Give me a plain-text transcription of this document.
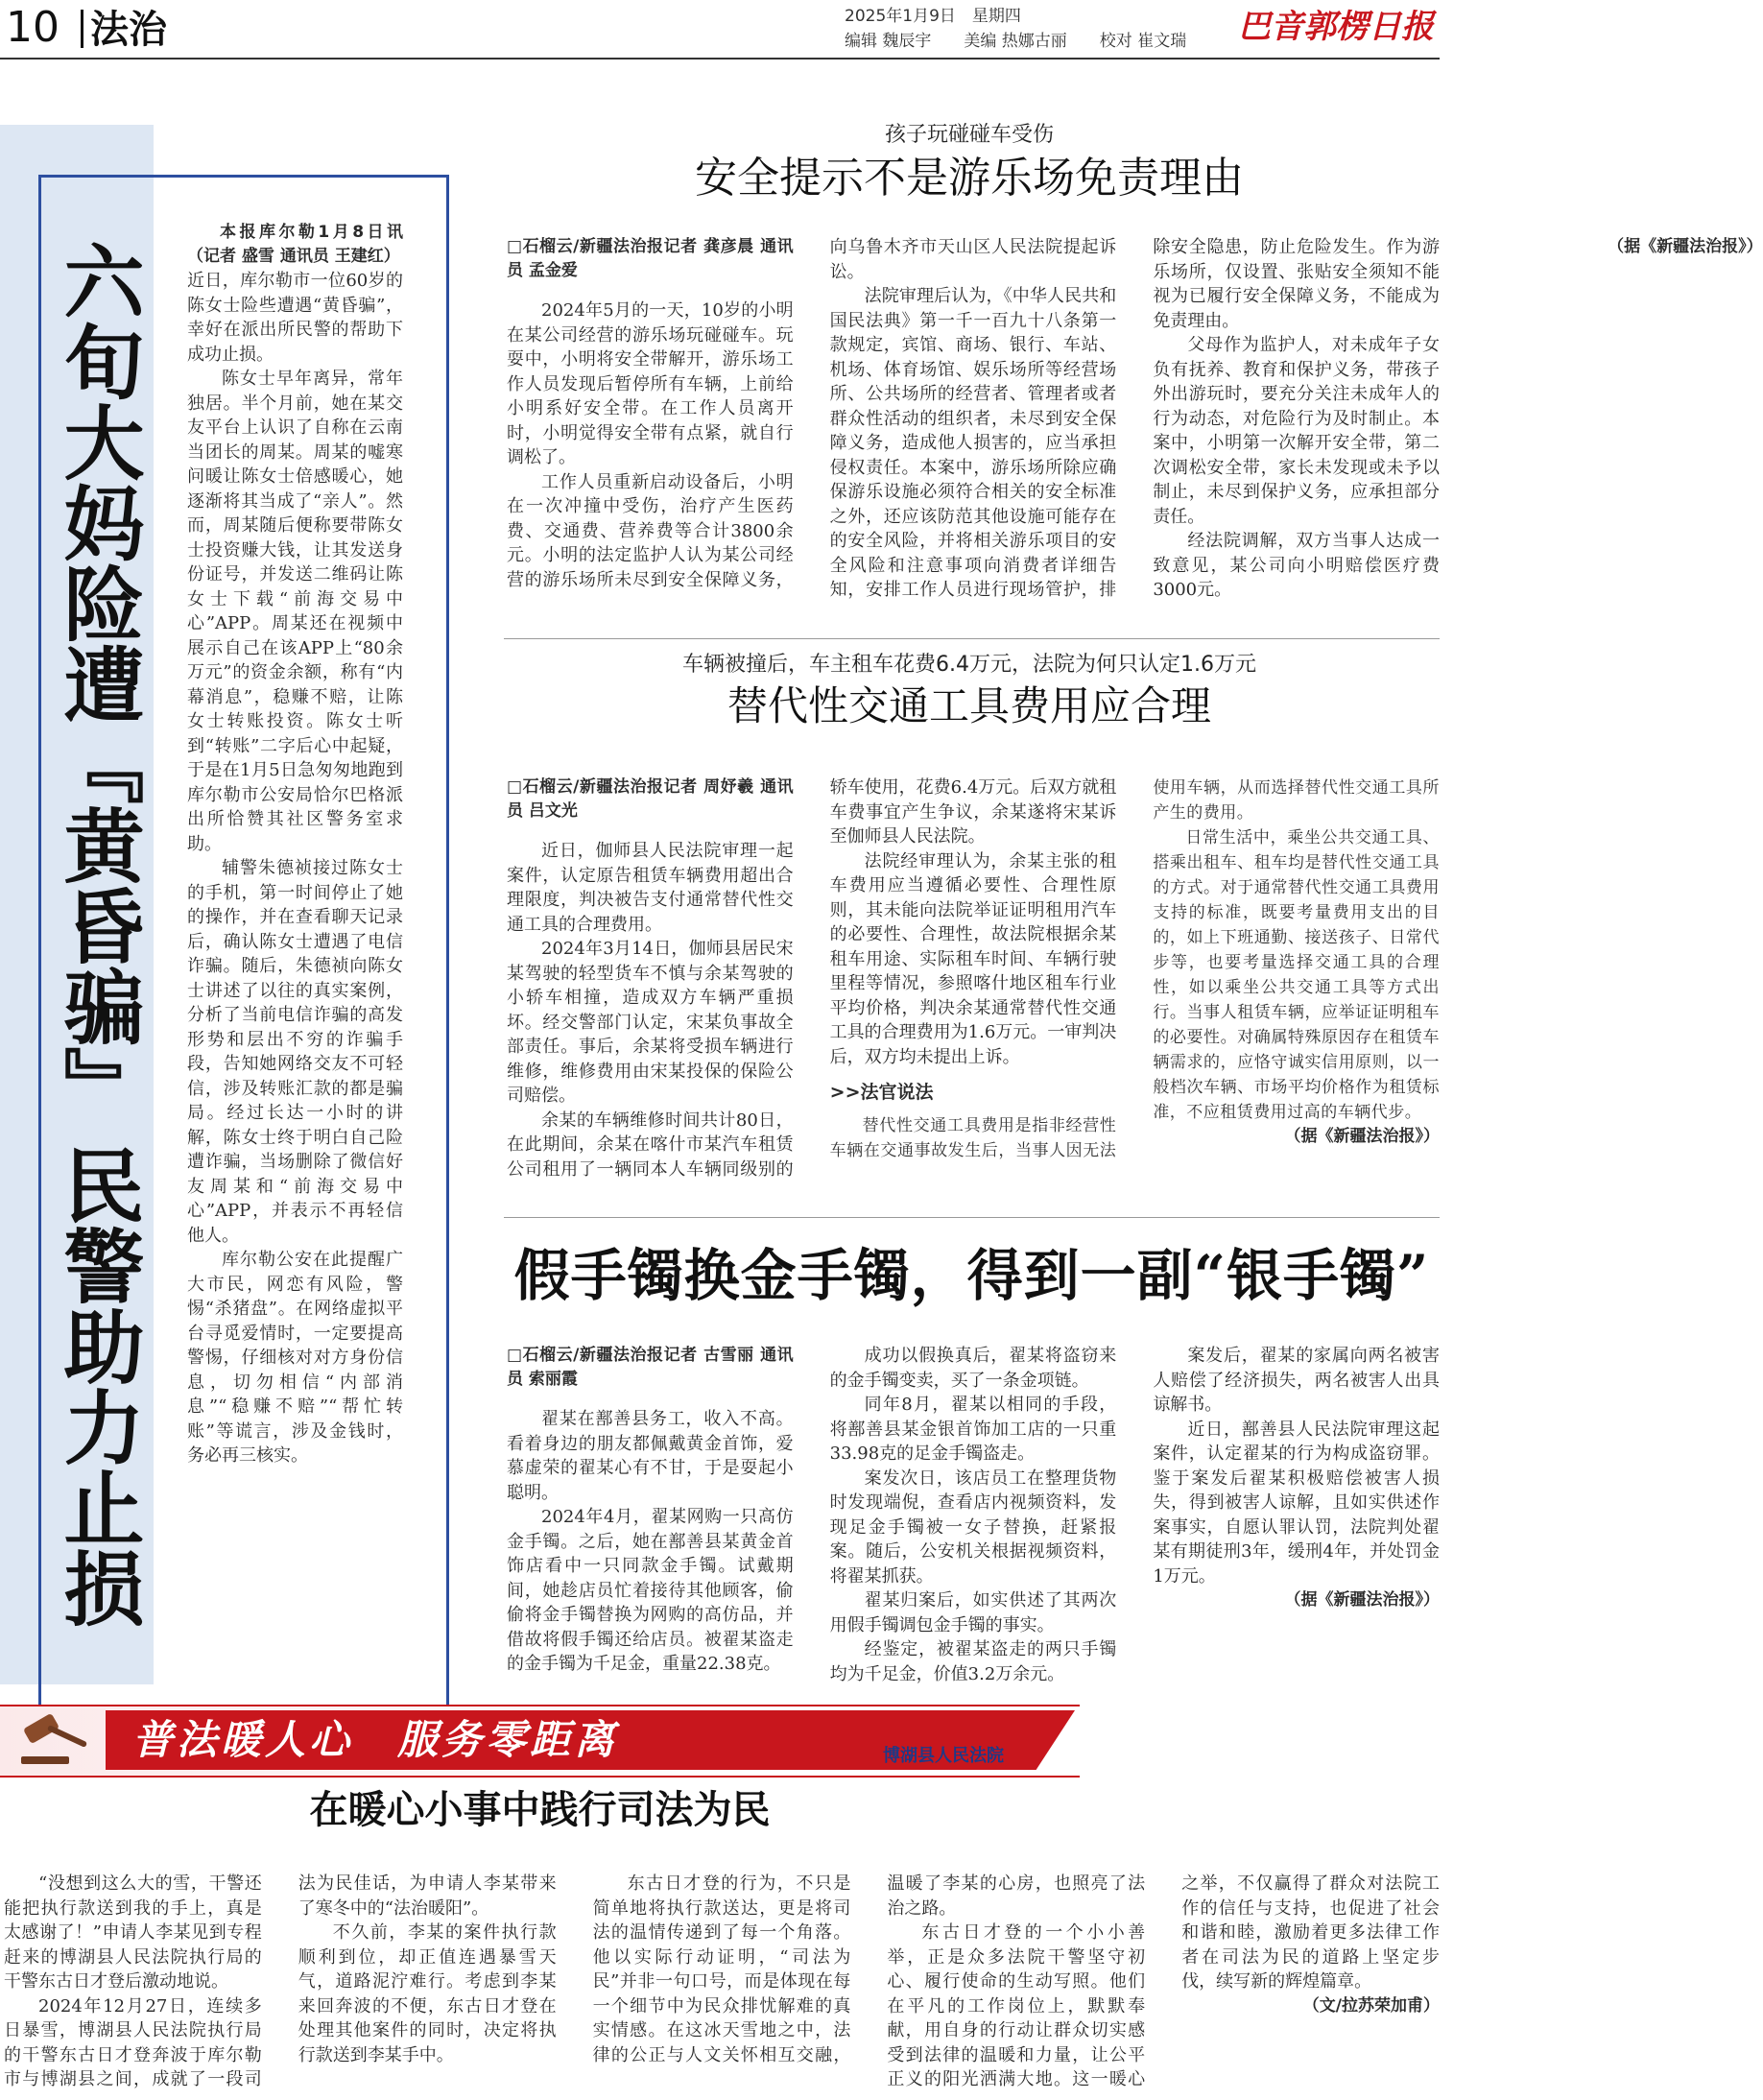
10 法治	2025年1月9日　星期四
编辑 魏辰宇　　美编 热娜古丽　　校对 崔文瑞 巴音郭楞日报
六旬大妈险遭『黄昏骗』民警助力止损

本报库尔勒1月8日讯（记者 盛雪 通讯员 王建红）

近日，库尔勒市一位60岁的陈女士险些遭遇“黄昏骗”，幸好在派出所民警的帮助下成功止损。

陈女士早年离异，常年独居。半个月前，她在某交友平台上认识了自称在云南当团长的周某。周某的嘘寒问暖让陈女士倍感暖心，她逐渐将其当成了“亲人”。然而，周某随后便称要带陈女士投资赚大钱，让其发送身份证号，并发送二维码让陈女士下载“前海交易中心”APP。周某还在视频中展示自己在该APP上“80余万元”的资金余额，称有“内幕消息”，稳赚不赔，让陈女士转账投资。陈女士听到“转账”二字后心中起疑，于是在1月5日急匆匆地跑到库尔勒市公安局恰尔巴格派出所恰赞其社区警务室求助。

辅警朱德祯接过陈女士的手机，第一时间停止了她的操作，并在查看聊天记录后，确认陈女士遭遇了电信诈骗。随后，朱德祯向陈女士讲述了以往的真实案例，分析了当前电信诈骗的高发形势和层出不穷的诈骗手段，告知她网络交友不可轻信，涉及转账汇款的都是骗局。经过长达一小时的讲解，陈女士终于明白自己险遭诈骗，当场删除了微信好友周某和“前海交易中心”APP，并表示不再轻信他人。

库尔勒公安在此提醒广大市民，网恋有风险，警惕“杀猪盘”。在网络虚拟平台寻觅爱情时，一定要提高警惕，仔细核对对方身份信息，切勿相信“内部消息”“稳赚不赔”“帮忙转账”等谎言，涉及金钱时，务必再三核实。

孩子玩碰碰车受伤
安全提示不是游乐场免责理由

□石榴云/新疆法治报记者 龚彦晨 通讯员 孟金爱

2024年5月的一天，10岁的小明在某公司经营的游乐场玩碰碰车。玩耍中，小明将安全带解开，游乐场工作人员发现后暂停所有车辆，上前给小明系好安全带。在工作人员离开时，小明觉得安全带有点紧，就自行调松了。

工作人员重新启动设备后，小明在一次冲撞中受伤，治疗产生医药费、交通费、营养费等合计3800余元。小明的法定监护人认为某公司经营的游乐场所未尽到安全保障义务，向乌鲁木齐市天山区人民法院提起诉讼。

法院审理后认为，《中华人民共和国民法典》第一千一百九十八条第一款规定，宾馆、商场、银行、车站、机场、体育场馆、娱乐场所等经营场所、公共场所的经营者、管理者或者群众性活动的组织者，未尽到安全保障义务，造成他人损害的，应当承担侵权责任。本案中，游乐场所除应确保游乐设施必须符合相关的安全标准之外，还应该防范其他设施可能存在的安全风险，并将相关游乐项目的安全风险和注意事项向消费者详细告知，安排工作人员进行现场管护，排除安全隐患，防止危险发生。作为游乐场所，仅设置、张贴安全须知不能视为已履行安全保障义务，不能成为免责理由。

父母作为监护人，对未成年子女负有抚养、教育和保护义务，带孩子外出游玩时，要充分关注未成年人的行为动态，对危险行为及时制止。本案中，小明第一次解开安全带，第二次调松安全带，家长未发现或未予以制止，未尽到保护义务，应承担部分责任。

经法院调解，双方当事人达成一致意见，某公司向小明赔偿医疗费3000元。

（据《新疆法治报》）

车辆被撞后，车主租车花费6.4万元，法院为何只认定1.6万元
替代性交通工具费用应合理

□石榴云/新疆法治报记者 周妤羲 通讯员 吕文光

近日，伽师县人民法院审理一起案件，认定原告租赁车辆费用超出合理限度，判决被告支付通常替代性交通工具的合理费用。

2024年3月14日，伽师县居民宋某驾驶的轻型货车不慎与余某驾驶的小轿车相撞，造成双方车辆严重损坏。经交警部门认定，宋某负事故全部责任。事后，余某将受损车辆进行维修，维修费用由宋某投保的保险公司赔偿。

余某的车辆维修时间共计80日，在此期间，余某在喀什市某汽车租赁公司租用了一辆同本人车辆同级别的轿车使用，花费6.4万元。后双方就租车费事宜产生争议，余某遂将宋某诉至伽师县人民法院。

法院经审理认为，余某主张的租车费用应当遵循必要性、合理性原则，其未能向法院举证证明租用汽车的必要性、合理性，故法院根据余某租车用途、实际租车时间、车辆行驶里程等情况，参照喀什地区租车行业平均价格，判决余某通常替代性交通工具的合理费用为1.6万元。一审判决后，双方均未提出上诉。

>>法官说法

替代性交通工具费用是指非经营性车辆在交通事故发生后，当事人因无法使用车辆，从而选择替代性交通工具所产生的费用。

日常生活中，乘坐公共交通工具、搭乘出租车、租车均是替代性交通工具的方式。对于通常替代性交通工具费用支持的标准，既要考量费用支出的目的，如上下班通勤、接送孩子、日常代步等，也要考量选择交通工具的合理性，如以乘坐公共交通工具等方式出行。当事人租赁车辆，应举证证明租车的必要性。对确属特殊原因存在租赁车辆需求的，应恪守诚实信用原则，以一般档次车辆、市场平均价格作为租赁标准，不应租赁费用过高的车辆代步。

（据《新疆法治报》）

假手镯换金手镯，得到一副“银手镯”

□石榴云/新疆法治报记者 古雪丽 通讯员 索丽霞

翟某在鄯善县务工，收入不高。看着身边的朋友都佩戴黄金首饰，爱慕虚荣的翟某心有不甘，于是耍起小聪明。

2024年4月，翟某网购一只高仿金手镯。之后，她在鄯善县某黄金首饰店看中一只同款金手镯。试戴期间，她趁店员忙着接待其他顾客，偷偷将金手镯替换为网购的高仿品，并借故将假手镯还给店员。被翟某盗走的金手镯为千足金，重量22.38克。

成功以假换真后，翟某将盗窃来的金手镯变卖，买了一条金项链。

同年8月，翟某以相同的手段，将鄯善县某金银首饰加工店的一只重33.98克的足金手镯盗走。

案发次日，该店员工在整理货物时发现端倪，查看店内视频资料，发现足金手镯被一女子替换，赶紧报案。随后，公安机关根据视频资料，将翟某抓获。

翟某归案后，如实供述了其两次用假手镯调包金手镯的事实。

经鉴定，被翟某盗走的两只手镯均为千足金，价值3.2万余元。

案发后，翟某的家属向两名被害人赔偿了经济损失，两名被害人出具谅解书。

近日，鄯善县人民法院审理这起案件，认定翟某的行为构成盗窃罪。鉴于案发后翟某积极赔偿被害人损失，得到被害人谅解，且如实供述作案事实，自愿认罪认罚，法院判处翟某有期徒刑3年，缓刑4年，并处罚金1万元。

（据《新疆法治报》）

普法暖人心　服务零距离	博湖县人民法院
在暖心小事中践行司法为民

“没想到这么大的雪，干警还能把执行款送到我的手上，真是太感谢了！”申请人李某见到专程赶来的博湖县人民法院执行局的干警东古日才登后激动地说。

2024年12月27日，连续多日暴雪，博湖县人民法院执行局的干警东古日才登奔波于库尔勒市与博湖县之间，成就了一段司法为民佳话，为申请人李某带来了寒冬中的“法治暖阳”。

不久前，李某的案件执行款顺利到位，却正值连遇暴雪天气，道路泥泞难行。考虑到李某来回奔波的不便，东古日才登在处理其他案件的同时，决定将执行款送到李某手中。

东古日才登的行为，不只是简单地将执行款送达，更是将司法的温情传递到了每一个角落。他以实际行动证明，“司法为民”并非一句口号，而是体现在每一个细节中为民众排忧解难的真实情感。在这冰天雪地之中，法律的公正与人文关怀相互交融，温暖了李某的心房，也照亮了法治之路。

东古日才登的一个小小善举，正是众多法院干警坚守初心、履行使命的生动写照。他们在平凡的工作岗位上，默默奉献，用自身的行动让群众切实感受到法律的温暖和力量，让公平正义的阳光洒满大地。这一暖心之举，不仅赢得了群众对法院工作的信任与支持，也促进了社会和谐和睦，激励着更多法律工作者在司法为民的道路上坚定步伐，续写新的辉煌篇章。

（文/拉苏荣加甫）
